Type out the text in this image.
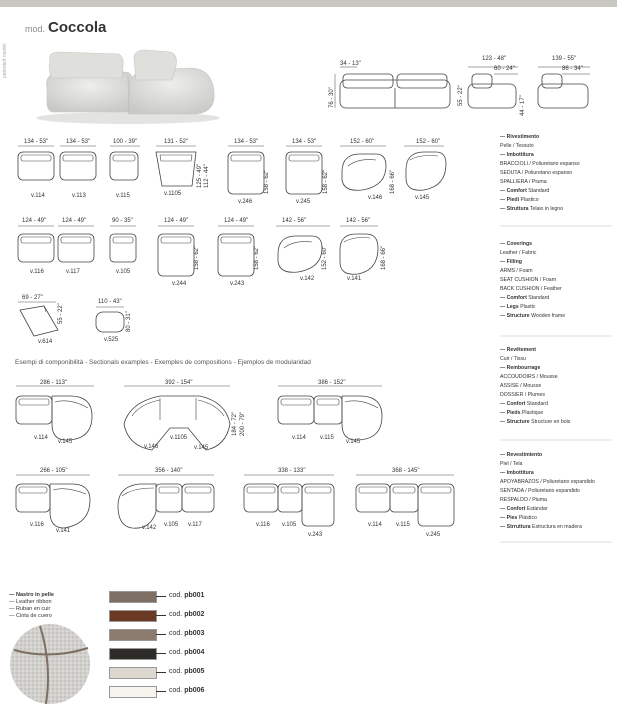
mod. Coccola
patented model	34 - 13"
76 - 30"
123 - 48"
60 - 24"
55 - 22"
139 - 55"
86 - 34"
44 - 17"
134 - 53"	134 - 53"	100 - 39"	131 - 52"
125 - 49" 112 - 44"
134 - 53"
158 - 62"
134 - 53"
158 - 62"
152 - 60"
168 - 66"
152 - 60"
v.114	v.113	v.115	v.1105
v.246	v.245
v.146	v.145
124 - 49"	124 - 49"	90 - 35"	124 - 49"
158 - 62"
124 - 49"
158 - 62"
142 - 56"
152 - 60"
142 - 56"
168 - 66"
v.116	v.117	v.105
v.244	v.243
v.142	v.141
69 - 27"
55 - 22"
110 - 43"
80 - 31"
v.614	v.525
Esempi di componibilità - Sectionals examples - Exemples de compositions - Ejemplos de modularidad
286 - 113"
v.114
v.145
392 - 154"
184 - 72" 200 - 79"
v.146
v.1105
v.145
386 - 152"
v.114 v.115
v.145
266 - 105"
v.116
v.141
356 - 140"
v.142 v.105 v.117
338 - 133"
v.116 v.105
v.243
368 - 145"
v.114 v.115
v.245
— Rivestimento
Pelle / Tessuto
— Imbottitura
BRACCIOLI / Poliuretano espanso
SEDUTA / Poliuretano espanso
SPALLIERA / Piuma
— Comfort Standard
— Piedi Plastico
— Struttura Telaio in legno
— Coverings
Leather / Fabric
— Filling
ARMS / Foam
SEAT CUSHION / Foam
BACK CUSHION / Feather
— Comfort Standard
— Legs Plastic
— Structure Wooden frame
— Revêtement
Cuir / Tissu
— Rembourrage
ACCOUDOIRS / Mousse
ASSISE / Mousse
DOSSIER / Plumes
— Confort Standard
— Pieds Plastique
— Structure Structure en bois
— Revestimiento
Piel / Tela
— Imbottitura
APOYABRAZOS / Poliuretano expandido
SENTADA / Poliuretano expandido
RESPALDO / Piuma
— Confort Estándar
— Pies Plástico
— Strruttura Estructura en madera
— Nastro in pelle
— Leather ribbon
— Ruban en cuir
— Cinta de cuero
cod. pb001
cod. pb002
cod. pb003
cod. pb004
cod. pb005
cod. pb006
